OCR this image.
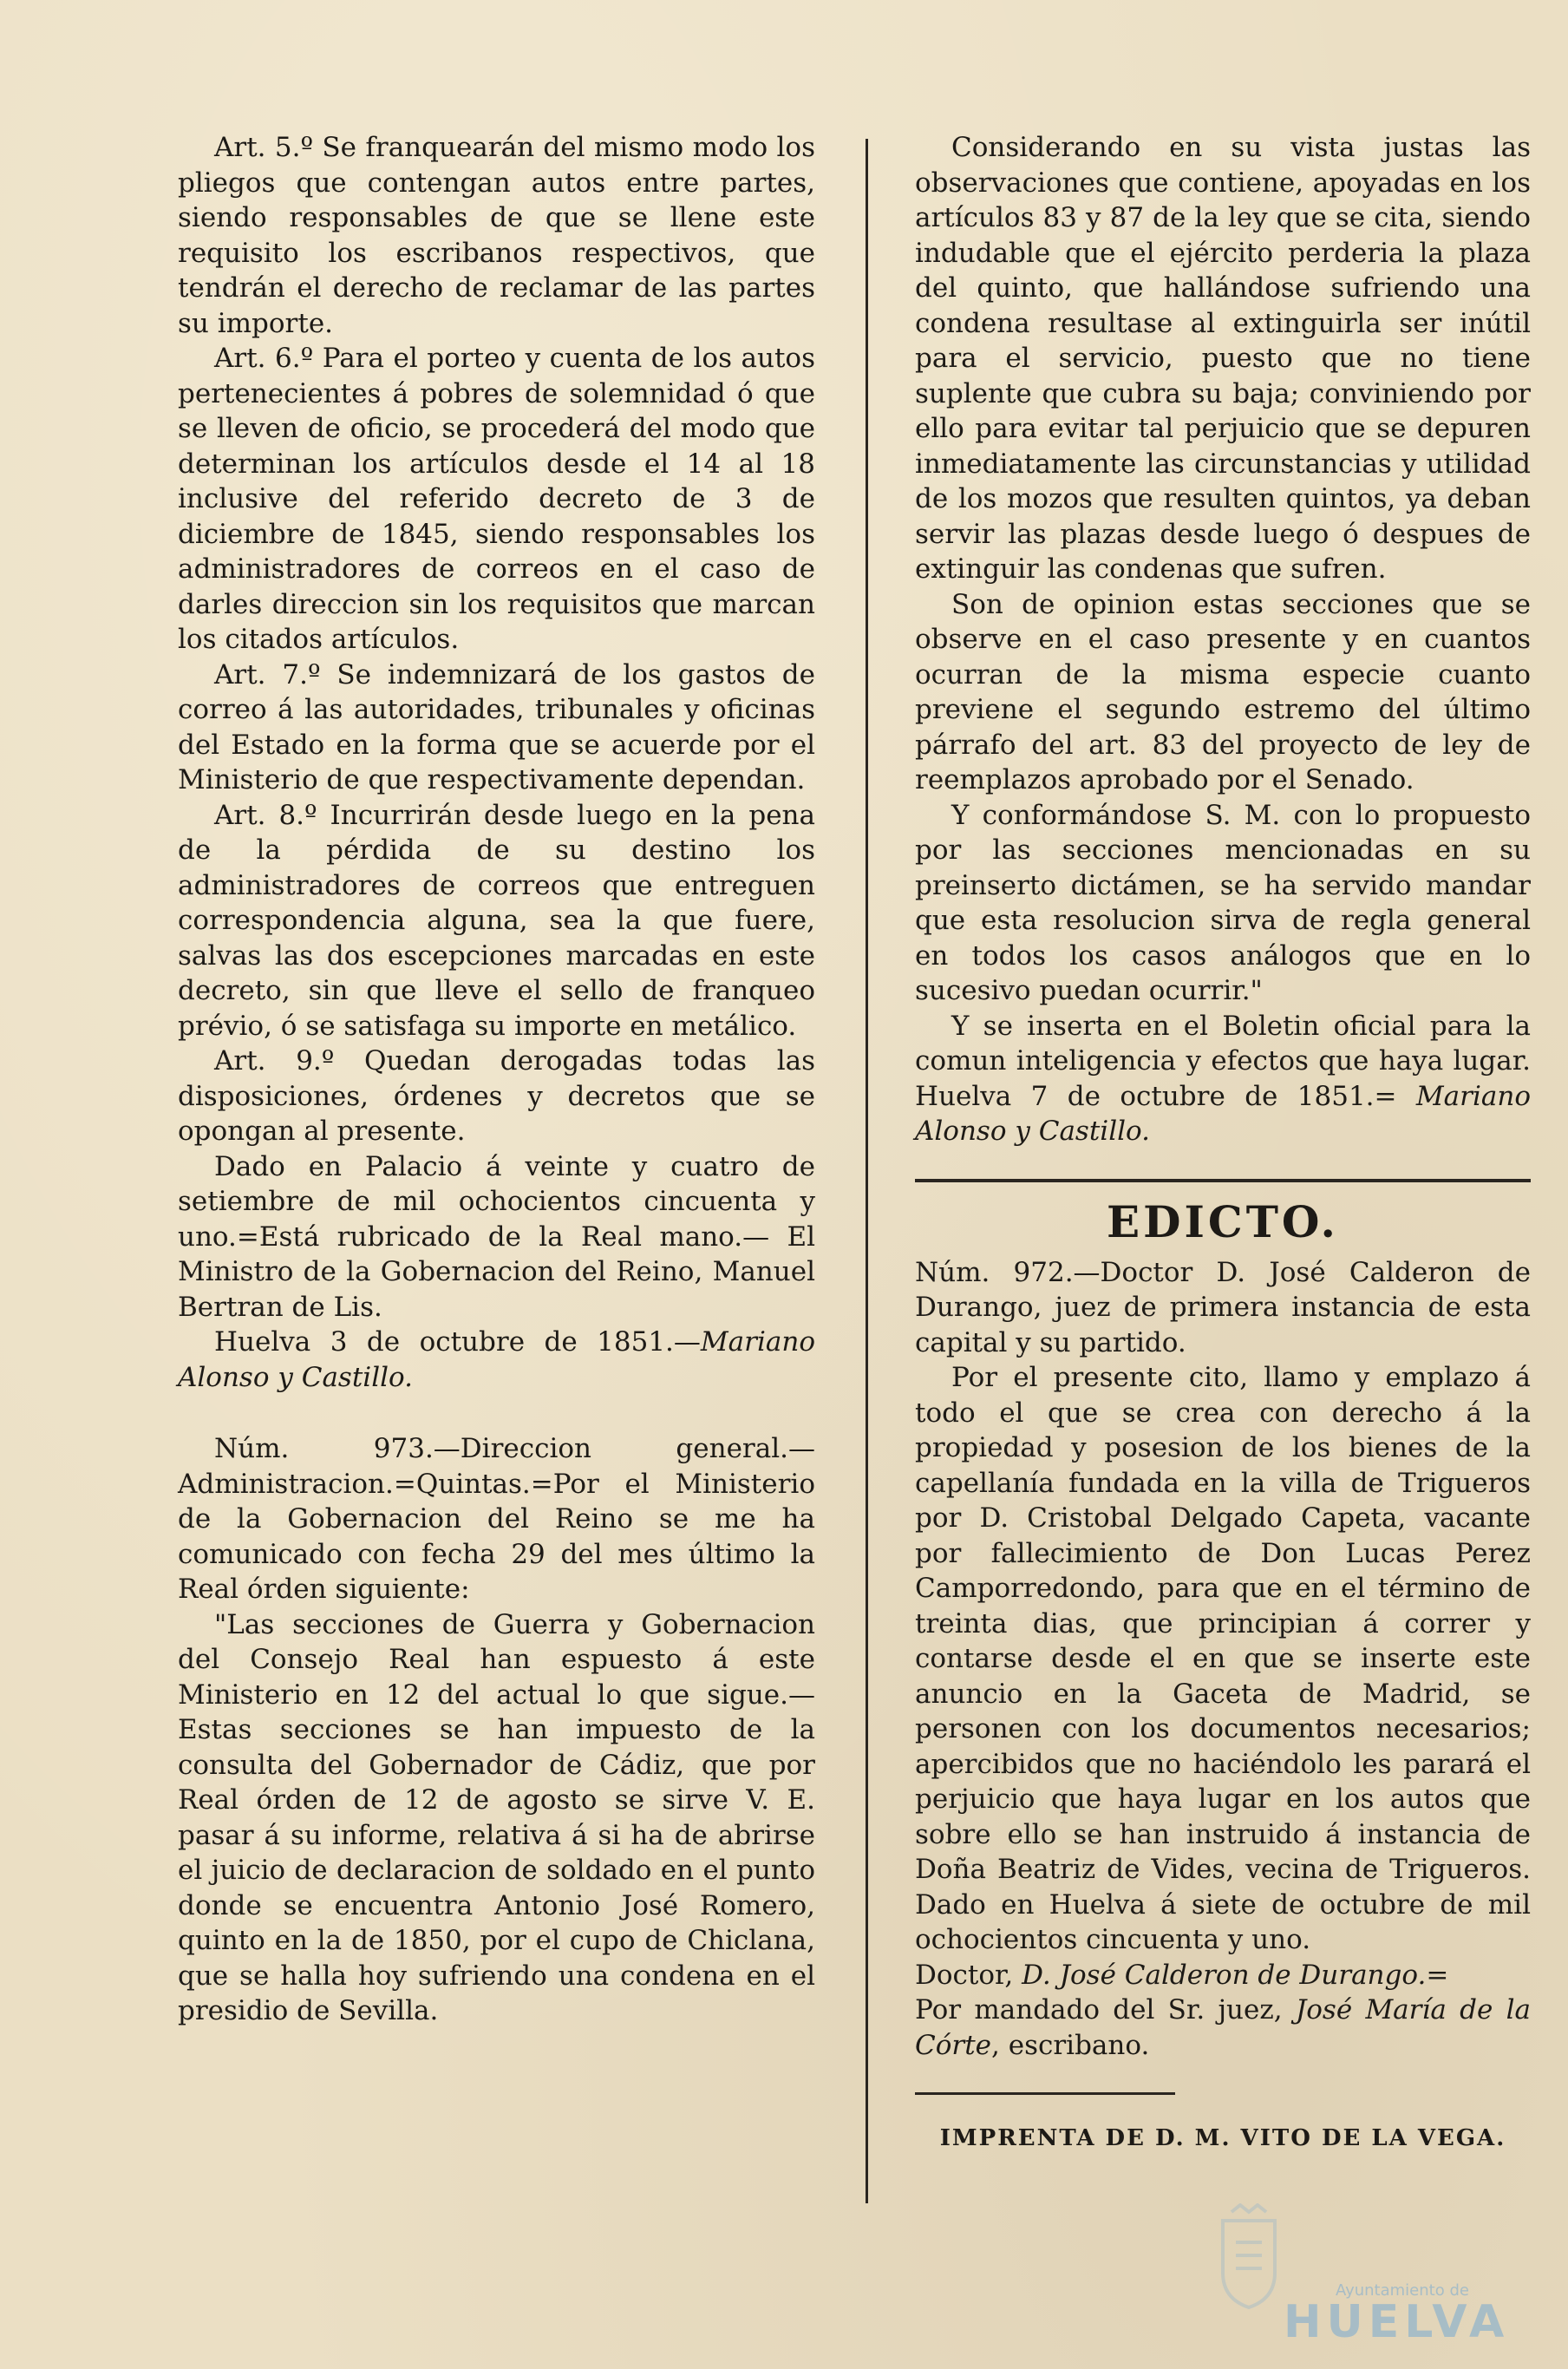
Art. 5.º Se franquearán del mismo modo los pliegos que contengan autos entre partes, siendo responsables de que se llene este requisito los escribanos respectivos, que tendrán el derecho de reclamar de las partes su importe.

Art. 6.º Para el porteo y cuenta de los autos pertenecientes á pobres de solemnidad ó que se lleven de oficio, se procederá del modo que determinan los artículos desde el 14 al 18 inclusive del referido decreto de 3 de diciembre de 1845, siendo responsables los administradores de correos en el caso de darles direccion sin los requisitos que marcan los citados artículos.

Art. 7.º Se indemnizará de los gastos de correo á las autoridades, tribunales y oficinas del Estado en la forma que se acuerde por el Ministerio de que respectivamente dependan.

Art. 8.º Incurrirán desde luego en la pena de la pérdida de su destino los administradores de correos que entreguen correspondencia alguna, sea la que fuere, salvas las dos escepciones marcadas en este decreto, sin que lleve el sello de franqueo prévio, ó se satisfaga su importe en metálico.

Art. 9.º Quedan derogadas todas las disposiciones, órdenes y decretos que se opongan al presente.

Dado en Palacio á veinte y cuatro de setiembre de mil ochocientos cincuenta y uno.=Está rubricado de la Real mano.— El Ministro de la Gobernacion del Reino, Manuel Bertran de Lis.

Huelva 3 de octubre de 1851.—Mariano Alonso y Castillo.

Núm. 973.—Direccion general.—Administracion.=Quintas.=Por el Ministerio de la Gobernacion del Reino se me ha comunicado con fecha 29 del mes último la Real órden siguiente:

"Las secciones de Guerra y Gobernacion del Consejo Real han espuesto á este Ministerio en 12 del actual lo que sigue.—Estas secciones se han impuesto de la consulta del Gobernador de Cádiz, que por Real órden de 12 de agosto se sirve V. E. pasar á su informe, relativa á si ha de abrirse el juicio de declaracion de soldado en el punto donde se encuentra Antonio José Romero, quinto en la de 1850, por el cupo de Chiclana, que se halla hoy sufriendo una condena en el presidio de Sevilla.

Considerando en su vista justas las observaciones que contiene, apoyadas en los artículos 83 y 87 de la ley que se cita, siendo indudable que el ejército perderia la plaza del quinto, que hallándose sufriendo una condena resultase al extinguirla ser inútil para el servicio, puesto que no tiene suplente que cubra su baja; conviniendo por ello para evitar tal perjuicio que se depuren inmediatamente las circunstancias y utilidad de los mozos que resulten quintos, ya deban servir las plazas desde luego ó despues de extinguir las condenas que sufren.

Son de opinion estas secciones que se observe en el caso presente y en cuantos ocurran de la misma especie cuanto previene el segundo estremo del último párrafo del art. 83 del proyecto de ley de reemplazos aprobado por el Senado.

Y conformándose S. M. con lo propuesto por las secciones mencionadas en su preinserto dictámen, se ha servido mandar que esta resolucion sirva de regla general en todos los casos análogos que en lo sucesivo puedan ocurrir."

Y se inserta en el Boletin oficial para la comun inteligencia y efectos que haya lugar. Huelva 7 de octubre de 1851.= Mariano Alonso y Castillo.

EDICTO.

Núm. 972.—Doctor D. José Calderon de Durango, juez de primera instancia de esta capital y su partido.

Por el presente cito, llamo y emplazo á todo el que se crea con derecho á la propiedad y posesion de los bienes de la capellanía fundada en la villa de Trigueros por D. Cristobal Delgado Capeta, vacante por fallecimiento de Don Lucas Perez Camporredondo, para que en el término de treinta dias, que principian á correr y contarse desde el en que se inserte este anuncio en la Gaceta de Madrid, se personen con los documentos necesarios; apercibidos que no haciéndolo les parará el perjuicio que haya lugar en los autos que sobre ello se han instruido á instancia de Doña Beatriz de Vides, vecina de Trigueros. Dado en Huelva á siete de octubre de mil ochocientos cincuenta y uno.

Doctor, D. José Calderon de Durango.=

Por mandado del Sr. juez, José María de la Córte, escribano.

IMPRENTA DE D. M. VITO DE LA VEGA.
Ayuntamiento de
HUELVA
